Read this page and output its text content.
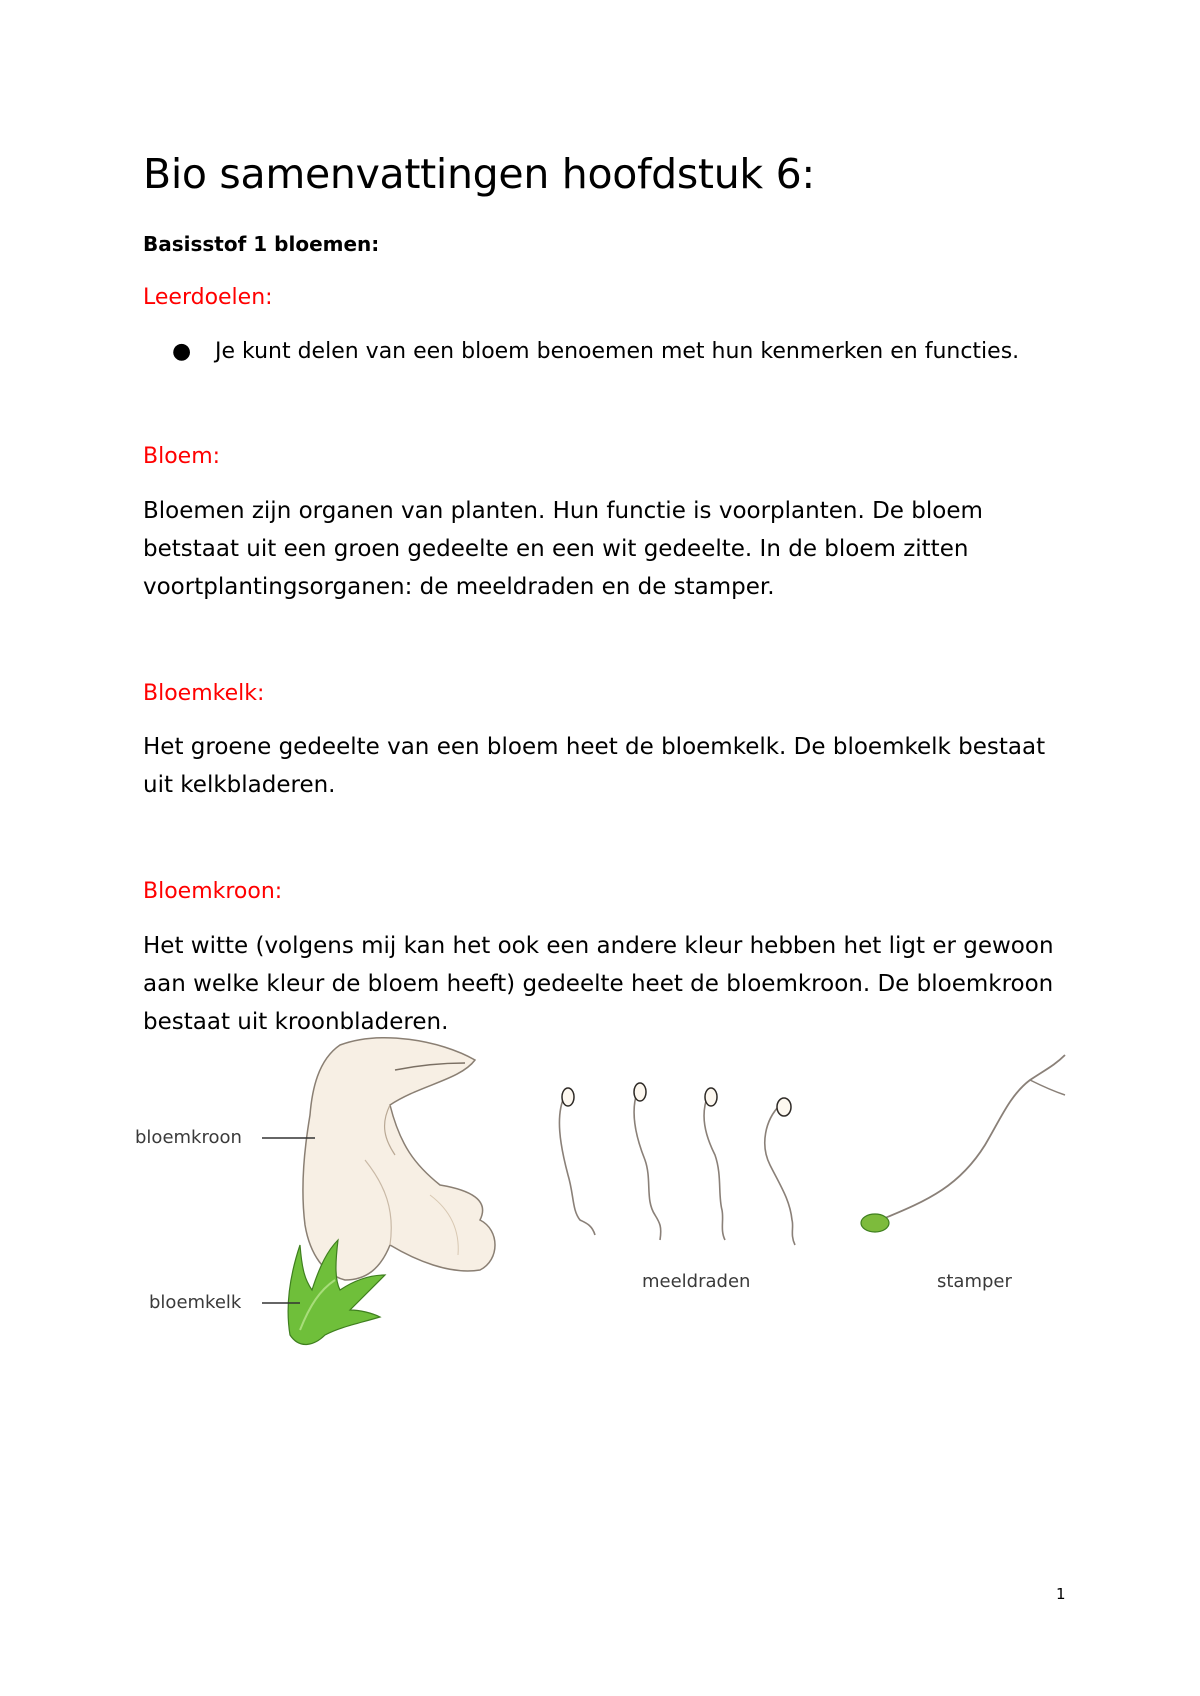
Bio samenvattingen hoofdstuk 6:
Basisstof 1 bloemen:
Leerdoelen:
● Je kunt delen van een bloem benoemen met hun kenmerken en functies.
Bloem:

Bloemen zijn organen van planten. Hun functie is voorplanten. De bloem
betstaat uit een groen gedeelte en een wit gedeelte. In de bloem zitten
voortplantingsorganen: de meeldraden en de stamper.

Bloemkelk:

Het groene gedeelte van een bloem heet de bloemkelk. De bloemkelk bestaat
uit kelkbladeren.

Bloemkroon:

Het witte (volgens mij kan het ook een andere kleur hebben het ligt er gewoon
aan welke kleur de bloem heeft) gedeelte heet de bloemkroon. De bloemkroon
bestaat uit kroonbladeren.

bloemkroon
bloemkelk
meeldraden	stamper
1
